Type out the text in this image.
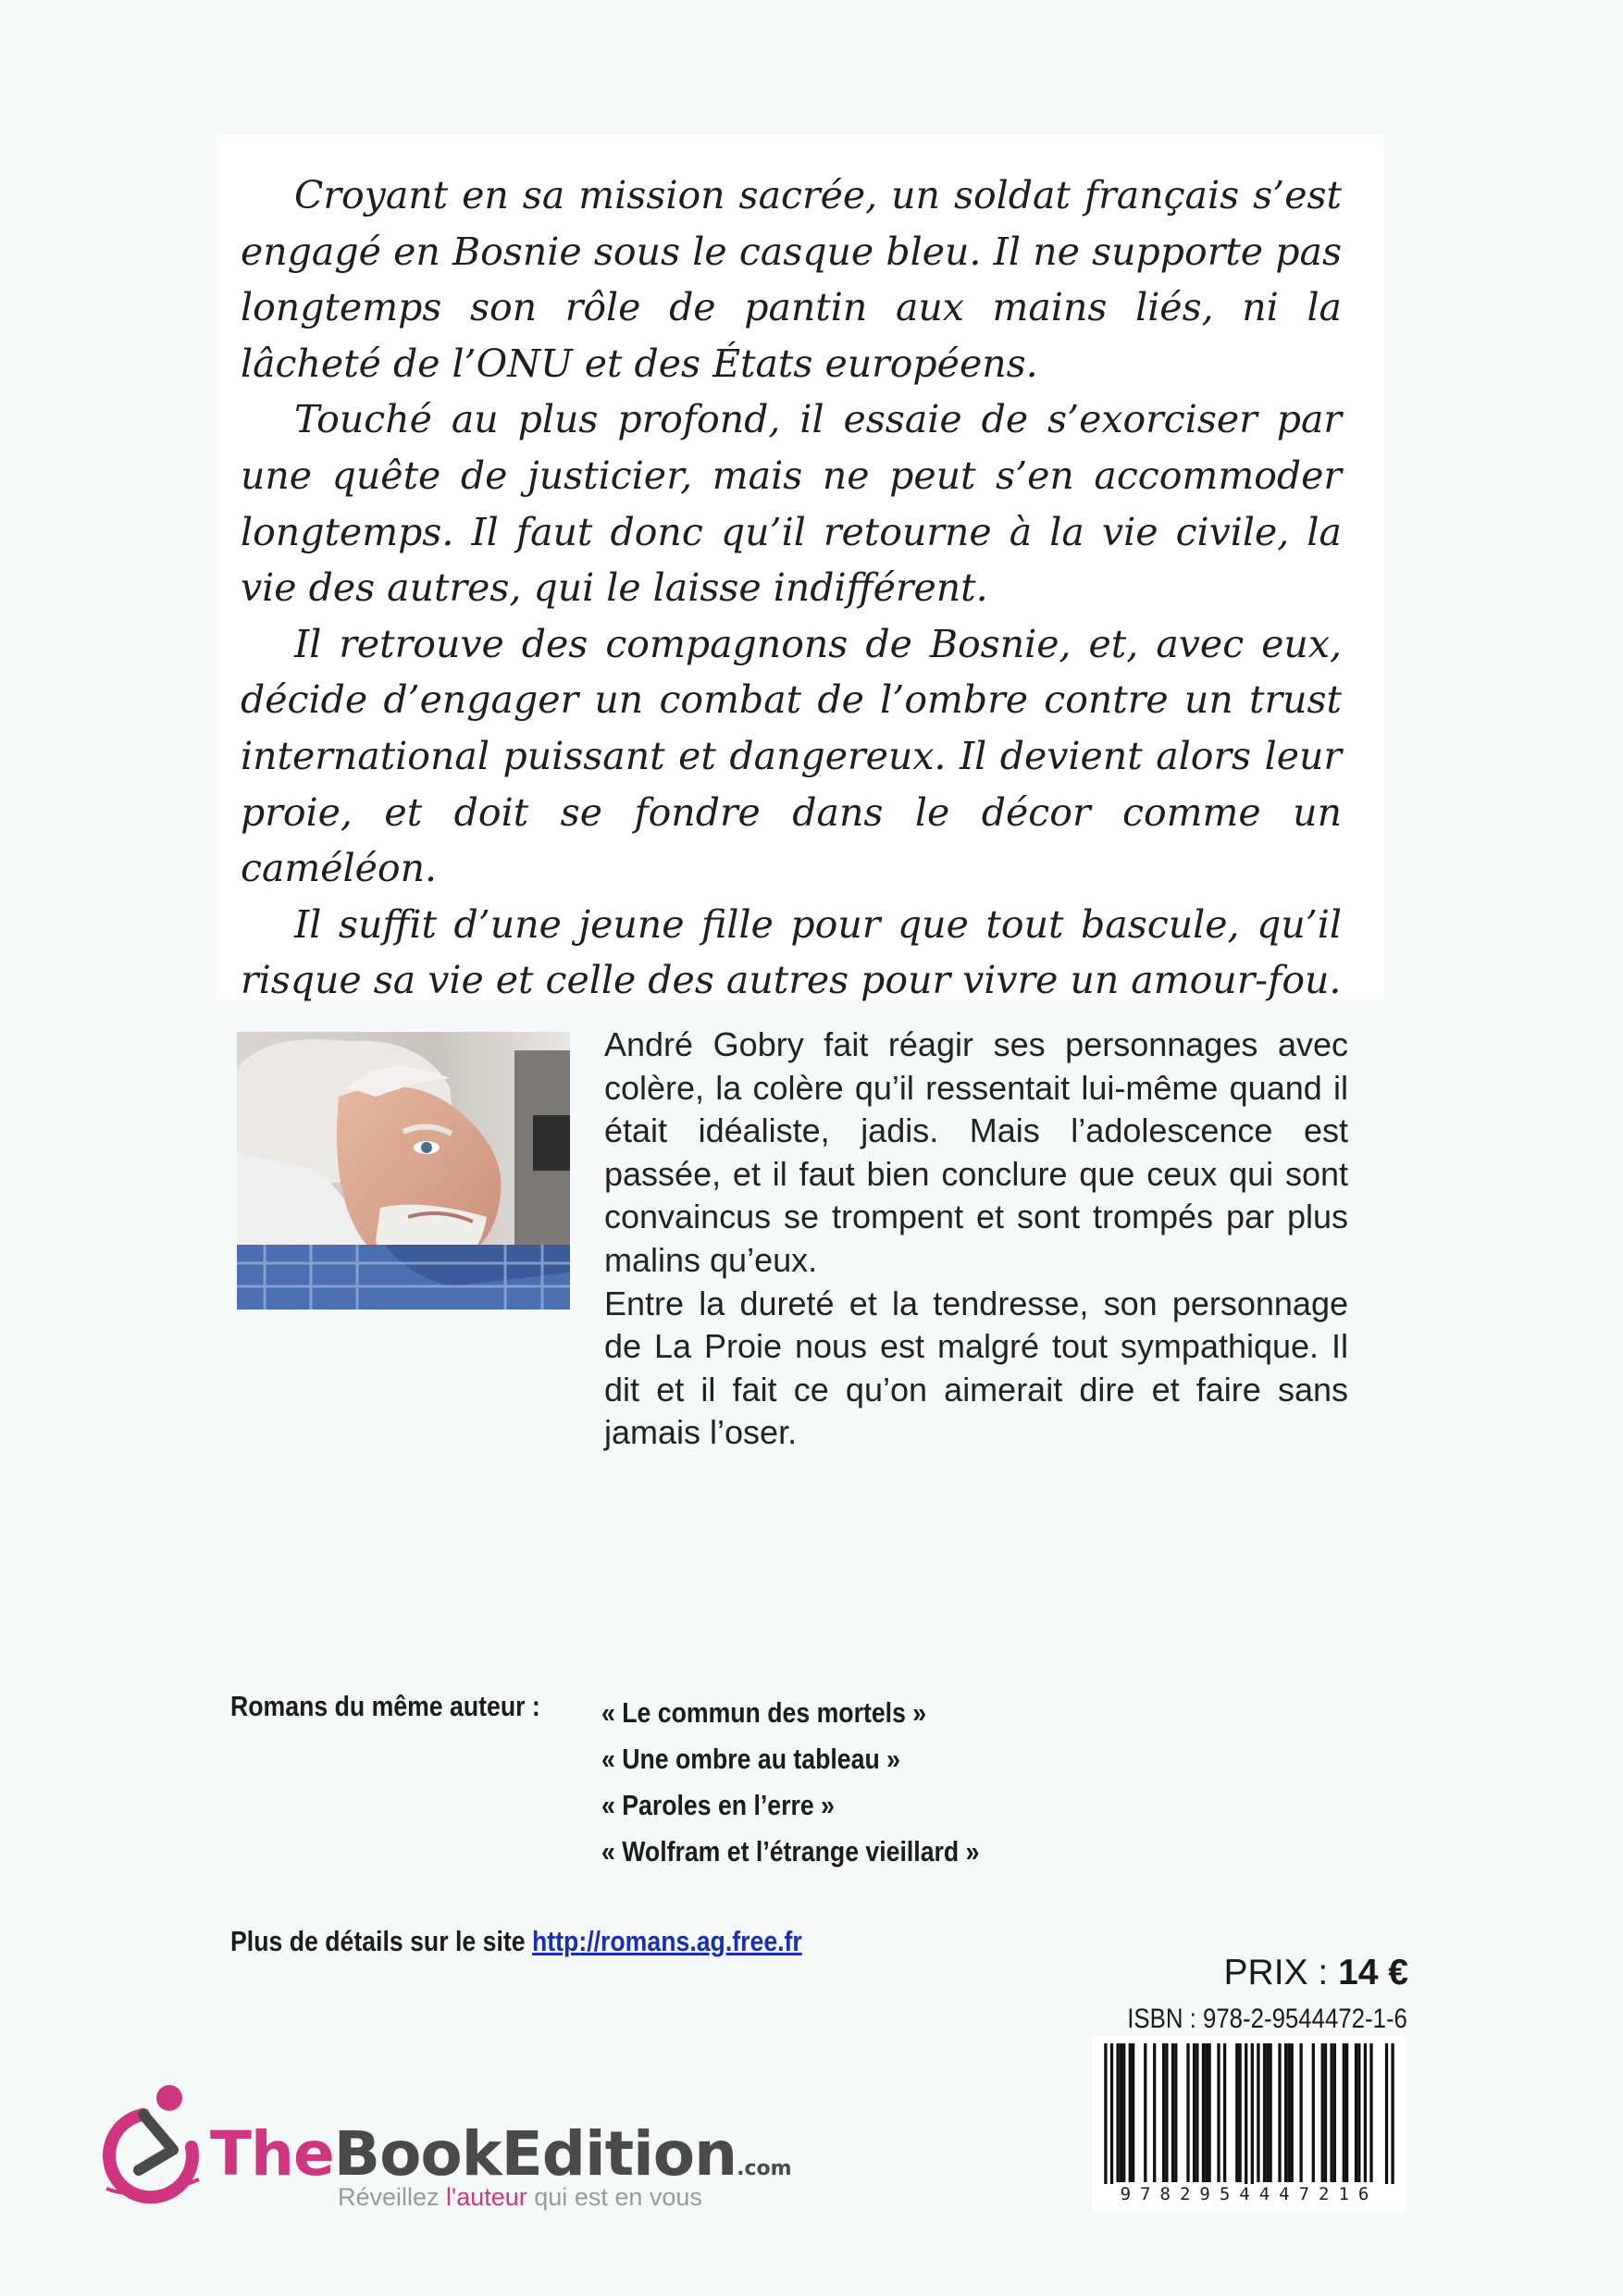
Croyant en sa mission sacrée, un soldat français s’est engagé en Bosnie sous le casque bleu. Il ne supporte pas longtemps son rôle de pantin aux mains liés, ni la lâcheté de l’ONU et des États européens.

Touché au plus profond, il essaie de s’exorciser par une quête de justicier, mais ne peut s’en accommoder longtemps. Il faut donc qu’il retourne à la vie civile, la vie des autres, qui le laisse indifférent.

Il retrouve des compagnons de Bosnie, et, avec eux, décide d’engager un combat de l’ombre contre un trust international puissant et dangereux. Il devient alors leur proie, et doit se fondre dans le décor comme un caméléon.

Il suffit d’une jeune fille pour que tout bascule, qu’il risque sa vie et celle des autres pour vivre un amour-fou.

André Gobry fait réagir ses personnages avec colère, la colère qu’il ressentait lui-même quand il était idéaliste, jadis. Mais l’adolescence est passée, et il faut bien conclure que ceux qui sont convaincus se trompent et sont trompés par plus malins qu’eux.

Entre la dureté et la tendresse, son personnage de La Proie nous est malgré tout sympathique. Il dit et il fait ce qu’on aimerait dire et faire sans jamais l’oser.

Romans du même auteur : « Le commun des mortels »
« Une ombre au tableau »
« Paroles en l’erre »
« Wolfram et l’étrange vieillard »
Plus de détails sur le site http://romans.ag.free.fr
PRIX : 14 €
ISBN : 978-2-9544472-1-6
9782954447216
TheBookEdition.com
Réveillez l'auteur qui est en vous
